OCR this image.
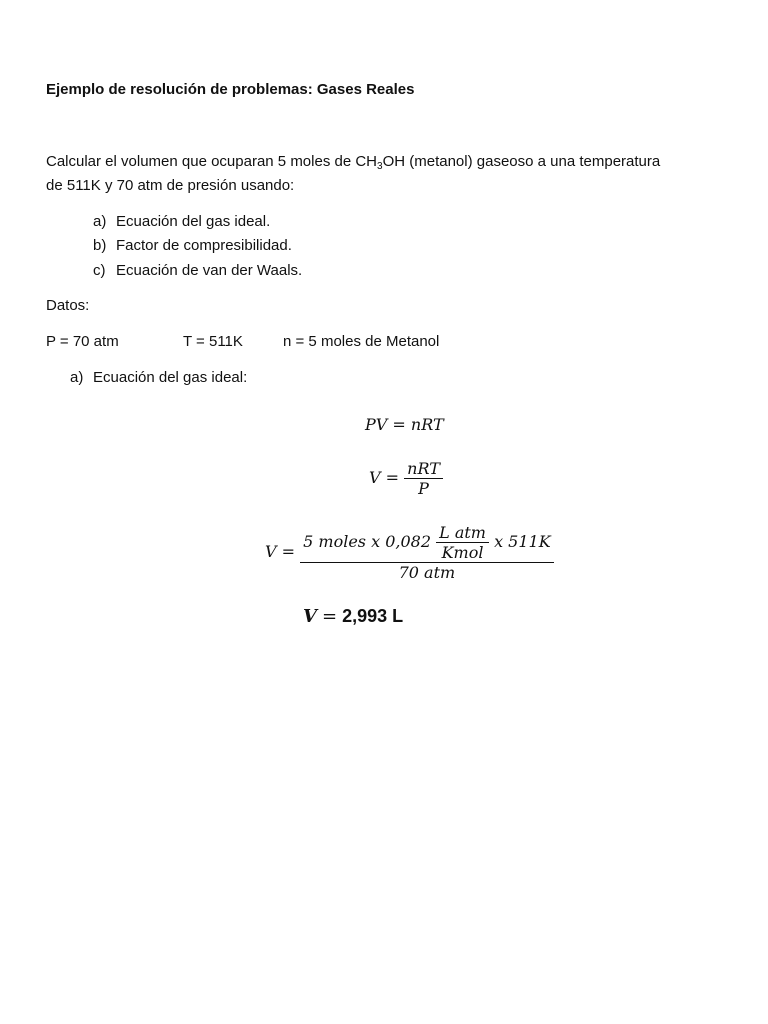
Ejemplo de resolución de problemas: Gases Reales
Calcular el volumen que ocuparan 5 moles de $CH_3OH$ (metanol) gaseoso a una temperatura
de 511K y 70 atm de presión usando:
a) Ecuación del gas ideal.
b) Factor de compresibilidad.
c) Ecuación de van der Waals.
Datos:
P = 70 atm	T = 511K	n = 5 moles de Metanol
a) Ecuación del gas ideal:
PV = nRT
$V = \frac{\text{nRT}}{P}$
V =
5 moles x $0,082 \frac{\text{L atm}}{\text{Kmol}}$ x 511K
70 atm
V = 2,993 L
